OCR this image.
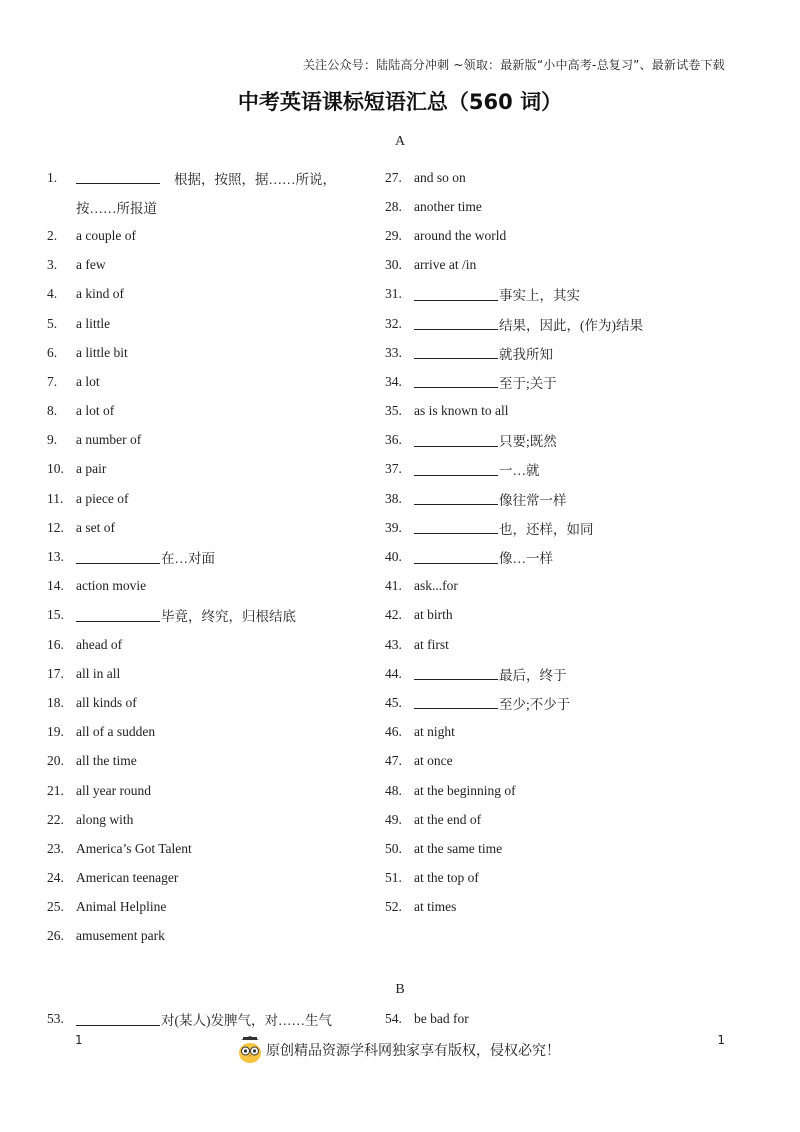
关注公众号：陆陆高分冲刺 ~领取：最新版“小中高考-总复习”、最新试卷下载
中考英语课标短语汇总（560 词）
A
1.	根据，按照，据……所说，
按……所报道
2.	a couple of
3.	a few
4.	a kind of
5.	a little
6.	a little bit
7.	a lot
8.	a lot of
9.	a number of
10. a pair
11. a piece of
12. a set of
13.	在…对面
14. action movie
15.	毕竟，终究，归根结底
16. ahead of
17. all in all
18. all kinds of
19. all of a sudden
20. all the time
21. all year round
22. along with
23. America’s Got Talent
24. American teenager
25. Animal Helpline
26. amusement park
27. and so on
28. another time
29. around the world
30. arrive at /in
31.	事实上，其实
32.	结果，因此，(作为)结果
33.	就我所知
34.	至于;关于
35. as is known to all
36.	只要;既然
37.	一…就
38.	像往常一样
39.	也，还样，如同
40.	像…一样
41. ask...for
42. at birth
43. at first
44.	最后，终于
45.	至少;不少于
46. at night
47. at once
48. at the beginning of
49. at the end of
50. at the same time
51. at the top of
52. at times
B
53.	对(某人)发脾气，对……生气	54. be bad for
1	1
原创精品资源学科网独家享有版权，侵权必究！
